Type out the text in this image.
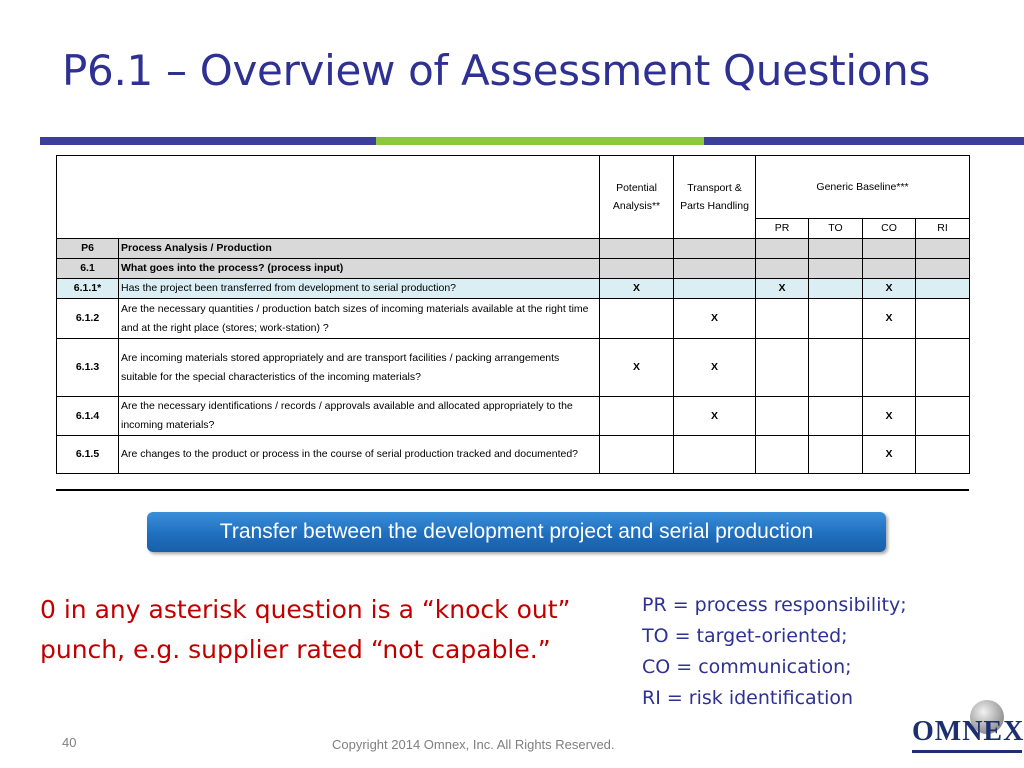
P6.1 – Overview of Assessment Questions
		Potential Analysis**	Transport & Parts Handling	Generic Baseline***			
				PR	TO	CO	RI
P6	Process Analysis / Production						
6.1	What goes into the process? (process input)						
6.1.1*	Has the project been transferred from development to serial production?	X		X		X	
6.1.2	Are the necessary quantities / production batch sizes of incoming materials available at the right time and at the right place (stores; work-station) ?		X			X	
6.1.3	Are incoming materials stored appropriately and are transport facilities / packing arrangements suitable for the special characteristics of the incoming materials?	X	X				
6.1.4	Are the necessary identifications / records / approvals available and allocated appropriately to the incoming materials?		X			X	
6.1.5	Are changes to the product or process in the course of serial production tracked and documented?					X	
Transfer between the development project and serial production

0 in any asterisk question is a “knock out” punch, e.g. supplier rated “not capable.”

PR = process responsibility;
TO = target-oriented;
CO = communication;
RI = risk identification
40	Copyright 2014 Omnex, Inc. All Rights Reserved.	OMNEX
